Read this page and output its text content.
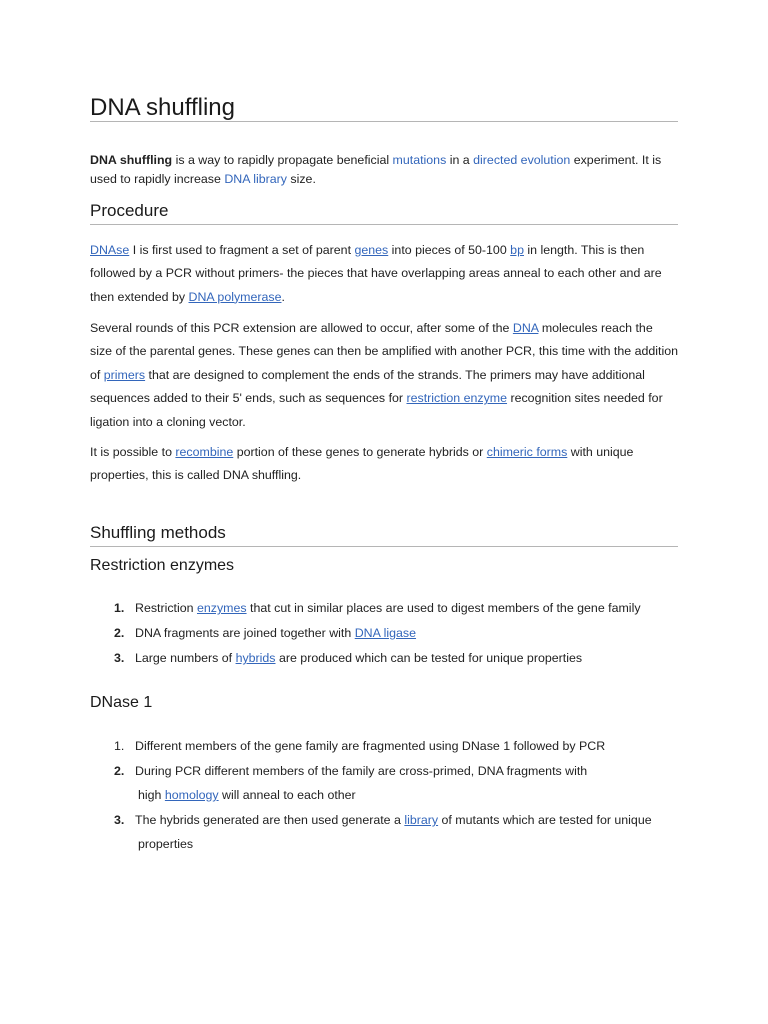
DNA shuffling

DNA shuffling is a way to rapidly propagate beneficial mutations in a directed evolution experiment. It is used to rapidly increase DNA library size.

Procedure

DNAse I is first used to fragment a set of parent genes into pieces of 50-100 bp in length. This is then followed by a PCR without primers- the pieces that have overlapping areas anneal to each other and are then extended by DNA polymerase.

Several rounds of this PCR extension are allowed to occur, after some of the DNA molecules reach the size of the parental genes. These genes can then be amplified with another PCR, this time with the addition of primers that are designed to complement the ends of the strands. The primers may have additional sequences added to their 5' ends, such as sequences for restriction enzyme recognition sites needed for ligation into a cloning vector.

It is possible to recombine portion of these genes to generate hybrids or chimeric forms with unique properties, this is called DNA shuffling.

Shuffling methods
Restriction enzymes
1. Restriction enzymes that cut in similar places are used to digest members of the gene family
2. DNA fragments are joined together with DNA ligase
3. Large numbers of hybrids are produced which can be tested for unique properties
DNase 1
1. Different members of the gene family are fragmented using DNase 1 followed by PCR
2. During PCR different members of the family are cross-primed, DNA fragments with
high homology will anneal to each other
3. The hybrids generated are then used generate a library of mutants which are tested for unique
properties
